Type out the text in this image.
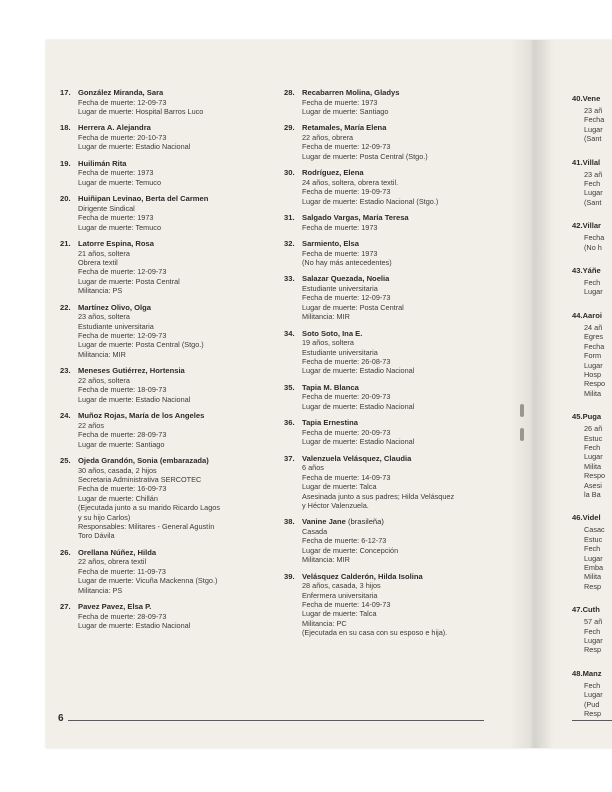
17. González Miranda, Sara
Fecha de muerte: 12-09-73
Lugar de muerte: Hospital Barros Luco
18. Herrera A. Alejandra
Fecha de muerte: 20-10-73
Lugar de muerte: Estadio Nacional
19. Huilimán Rita
Fecha de muerte: 1973
Lugar de muerte: Temuco
20. Huiñipan Levinao, Berta del Carmen
Dirigente Sindical
Fecha de muerte: 1973
Lugar de muerte: Temuco
21. Latorre Espina, Rosa
21 años, soltera
Obrera textil
Fecha de muerte: 12-09-73
Lugar de muerte: Posta Central
Militancia: PS
22. Martínez Olivo, Olga
23 años, soltera
Estudiante universitaria
Fecha de muerte: 12-09-73
Lugar de muerte: Posta Central (Stgo.)
Militancia: MIR
23. Meneses Gutiérrez, Hortensia
22 años, soltera
Fecha de muerte: 18-09-73
Lugar de muerte: Estadio Nacional
24. Muñoz Rojas, María de los Angeles
22 años
Fecha de muerte: 28-09-73
Lugar de muerte: Santiago
25. Ojeda Grandón, Sonia (embarazada)
30 años, casada, 2 hijos
Secretaria Administrativa SERCOTEC
Fecha de muerte: 16-09-73
Lugar de muerte: Chillán
(Ejecutada junto a su marido Ricardo Lagos
y su hijo Carlos)
Responsables: Militares - General Agustín
Toro Dávila
26. Orellana Núñez, Hilda
22 años, obrera textil
Fecha de muerte: 11-09-73
Lugar de muerte: Vicuña Mackenna (Stgo.)
Militancia: PS
27. Pavez Pavez, Elsa P.
Fecha de muerte: 28-09-73
Lugar de muerte: Estadio Nacional
28. Recabarren Molina, Gladys
Fecha de muerte: 1973
Lugar de muerte: Santiago
29. Retamales, María Elena
22 años, obrera
Fecha de muerte: 12-09-73
Lugar de muerte: Posta Central (Stgo.)
30. Rodríguez, Elena
24 años, soltera, obrera textil.
Fecha de muerte: 19-09-73
Lugar de muerte: Estadio Nacional (Stgo.)
31. Salgado Vargas, María Teresa
Fecha de muerte: 1973
32. Sarmiento, Elsa
Fecha de muerte: 1973
(No hay más antecedentes)
33. Salazar Quezada, Noelia
Estudiante universitaria
Fecha de muerte: 12-09-73
Lugar de muerte: Posta Central
Militancia: MIR
34. Soto Soto, Ina E.
19 años, soltera
Estudiante universitaria
Fecha de muerte: 26-08-73
Lugar de muerte: Estadio Nacional
35. Tapia M. Blanca
Fecha de muerte: 20-09-73
Lugar de muerte: Estadio Nacional
36. Tapia Ernestina
Fecha de muerte: 20-09-73
Lugar de muerte: Estadio Nacional
37. Valenzuela Velásquez, Claudia
6 años
Fecha de muerte: 14-09-73
Lugar de muerte: Talca
Asesinada junto a sus padres; Hilda Velásquez
y Héctor Valenzuela.
38. Vanine Jane (brasileña)
Casada
Fecha de muerte: 6-12-73
Lugar de muerte: Concepción
Militancia: MIR
39. Velásquez Calderón, Hilda Isolina
28 años, casada, 3 hijos
Enfermera universitaria
Fecha de muerte: 14-09-73
Lugar de muerte: Talca
Militancia: PC
(Ejecutada en su casa con su esposo e hija).
40.Vene
23 añ
Fecha
Lugar
(Sant
41.Villal
23 añ
Fech
Lugar
(Sant
42.Villar
Fecha
(No h
43.Yáñe
Fech
Lugar
44.Aaroi
24 añ
Egres
Fecha
Form
Lugar
Hosp
Respo
Milita
45.Puga
26 añ
Estuc
Fech
Lugar
Milita
Respo
Asesi
la Ba
46.Videl
Casac
Estuc
Fech
Lugar
Emba
Milita
Resp
47.Cuth
57 añ
Fech
Lugar
Resp
48.Manz
Fech
Lugar
(Pud
Resp
6
